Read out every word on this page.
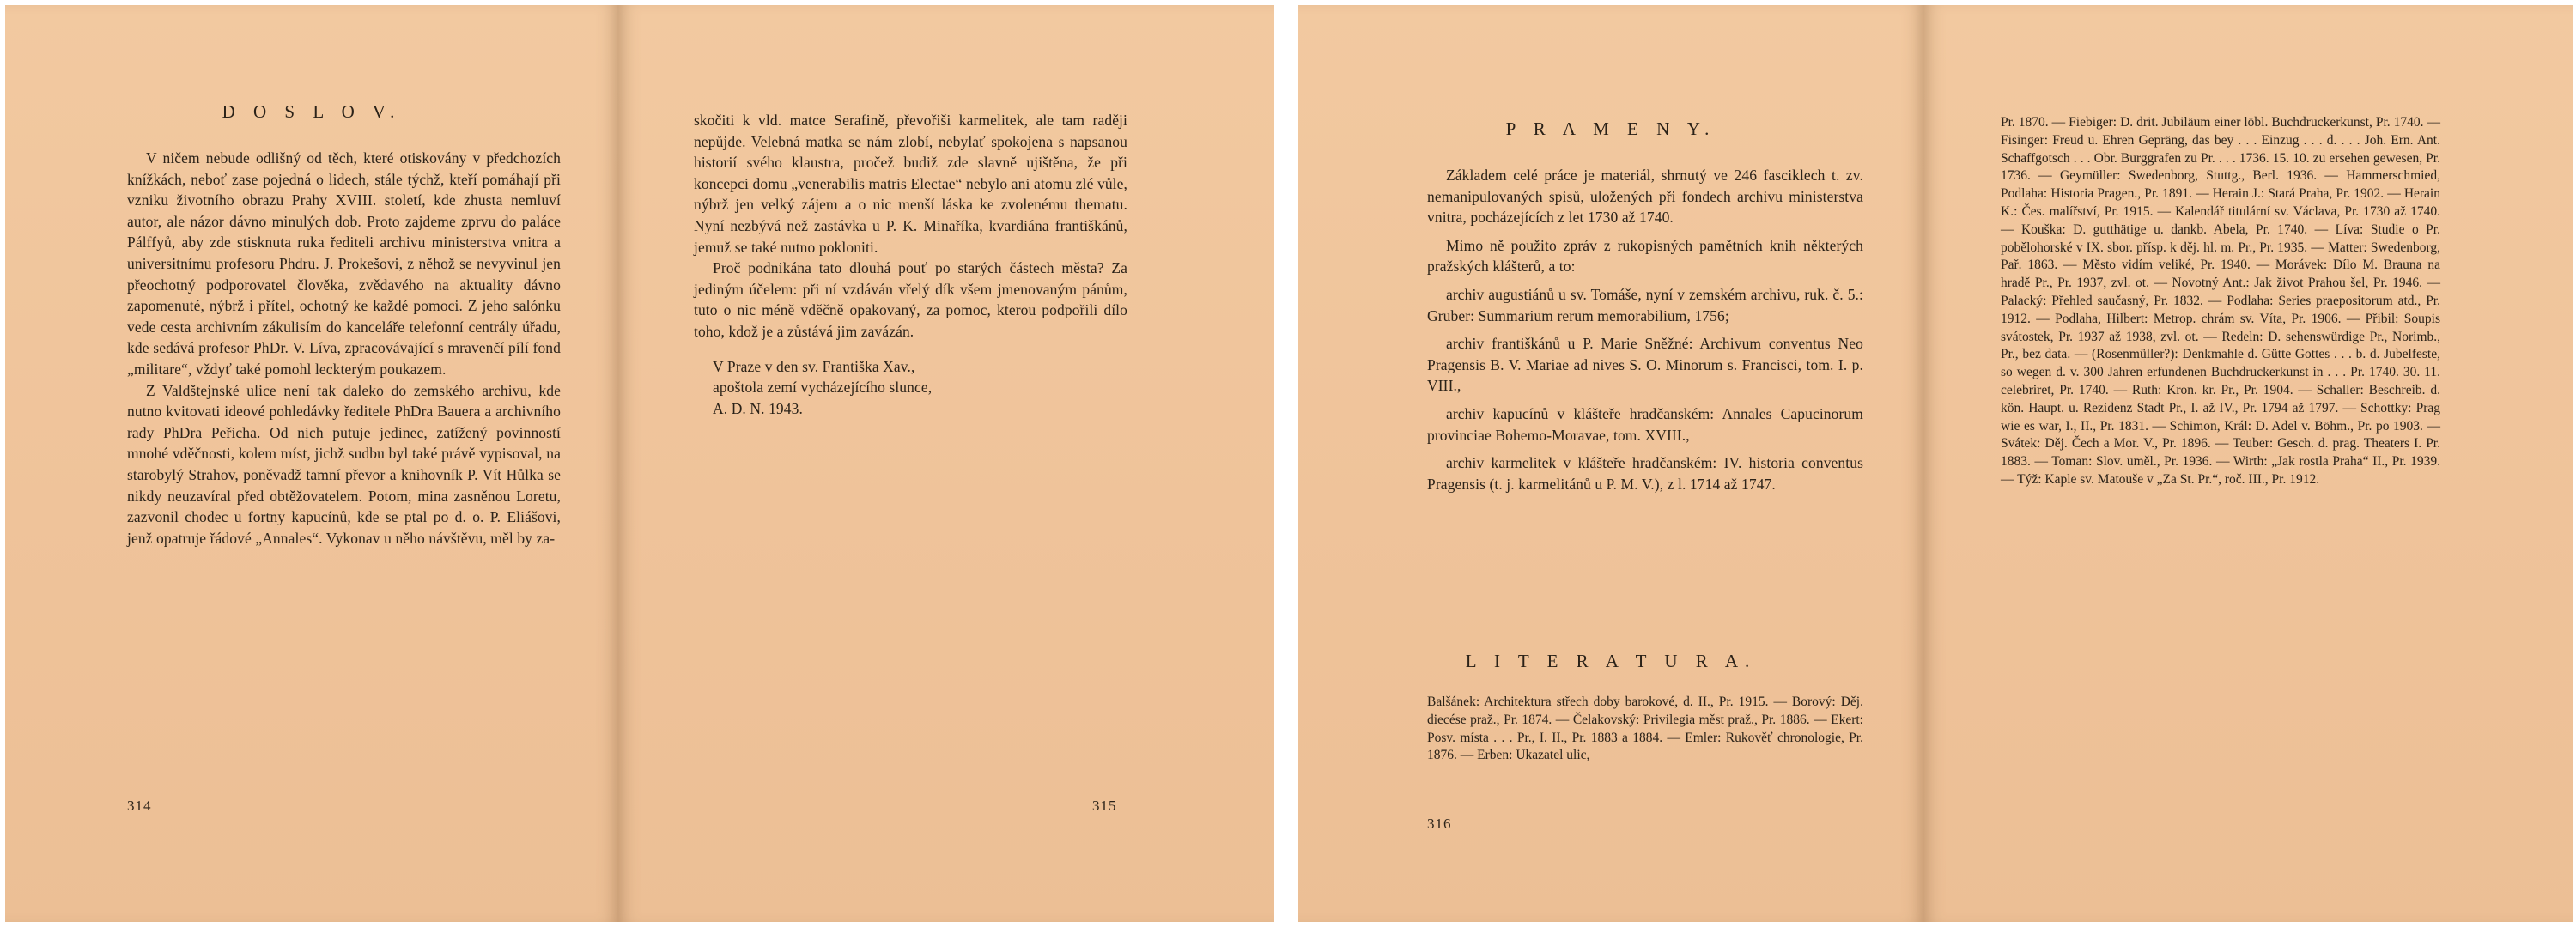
D O S L O V.

V ničem nebude odlišný od těch, které otiskovány v předchozích knížkách, neboť zase pojedná o lidech, stále týchž, kteří pomáhají při vzniku životního obrazu Prahy XVIII. století, kde zhusta nemluví autor, ale názor dávno minulých dob. Proto zajdeme zprvu do paláce Pálffyů, aby zde stisknuta ruka řediteli archivu ministerstva vnitra a universitnímu profesoru Phdru. J. Prokešovi, z něhož se nevyvinul jen přeochotný podporovatel člověka, zvědavého na aktuality dávno zapomenuté, nýbrž i přítel, ochotný ke každé pomoci. Z jeho salónku vede cesta archivním zákulisím do kanceláře telefonní centrály úřadu, kde sedává profesor PhDr. V. Líva, zpracovávající s mravenčí pílí fond „militare“, vždyť také pomohl leckterým poukazem.

Z Valdštejnské ulice není tak daleko do zemského archivu, kde nutno kvitovati ideové pohledávky ředitele PhDra Bauera a archivního rady PhDra Peřicha. Od nich putuje jedinec, zatížený povinností mnohé vděčnosti, kolem míst, jichž sudbu byl také právě vypisoval, na starobylý Strahov, poněvadž tamní převor a knihovník P. Vít Hůlka se nikdy neuzavíral před obtěžovatelem. Potom, mina zasněnou Loretu, zazvonil chodec u fortny kapucínů, kde se ptal po d. o. P. Eliášovi, jenž opatruje řádové „Annales“. Vykonav u něho návštěvu, měl by za-

314

skočiti k vld. matce Serafině, převořiši karmelitek, ale tam raději nepůjde. Velebná matka se nám zlobí, nebylať spokojena s napsanou historií svého klaustra, pročež budiž zde slavně ujištěna, že při koncepci domu „venerabilis matris Electae“ nebylo ani atomu zlé vůle, nýbrž jen velký zájem a o nic menší láska ke zvolenému thematu. Nyní nezbývá než zastávka u P. K. Minaříka, kvardiána františkánů, jemuž se také nutno pokloniti.

Proč podnikána tato dlouhá pouť po starých částech města? Za jediným účelem: při ní vzdáván vřelý dík všem jmenovaným pánům, tuto o nic méně vděčně opakovaný, za pomoc, kterou podpořili dílo toho, kdož je a zůstává jim zavázán.

V Praze v den sv. Františka Xav.,

apoštola zemí vycházejícího slunce,

A. D. N. 1943.

315
P R A M E N Y.

Základem celé práce je materiál, shrnutý ve 246 fasciklech t. zv. nemanipulovaných spisů, uložených při fondech archivu ministerstva vnitra, pocházejících z let 1730 až 1740.

Mimo ně použito zpráv z rukopisných pamětních knih některých pražských klášterů, a to:

archiv augustiánů u sv. Tomáše, nyní v zemském archivu, ruk. č. 5.: Gruber: Summarium rerum memorabilium, 1756;

archiv františkánů u P. Marie Sněžné: Archivum conventus Neo Pragensis B. V. Mariae ad nives S. O. Minorum s. Francisci, tom. I. p. VIII.,

archiv kapucínů v klášteře hradčanském: Annales Capucinorum provinciae Bohemo-Moravae, tom. XVIII.,

archiv karmelitek v klášteře hradčanském: IV. historia conventus Pragensis (t. j. karmelitánů u P. M. V.), z l. 1714 až 1747.

L I T E R A T U R A.

Balšánek: Architektura střech doby barokové, d. II., Pr. 1915. — Borový: Děj. diecése praž., Pr. 1874. — Čelakovský: Privilegia měst praž., Pr. 1886. — Ekert: Posv. místa . . . Pr., I. II., Pr. 1883 a 1884. — Emler: Rukověť chronologie, Pr. 1876. — Erben: Ukazatel ulic,

316

Pr. 1870. — Fiebiger: D. drit. Jubiläum einer löbl. Buchdruckerkunst, Pr. 1740. — Fisinger: Freud u. Ehren Gepräng, das bey . . . Einzug . . . d. . . . Joh. Ern. Ant. Schaffgotsch . . . Obr. Burggrafen zu Pr. . . . 1736. 15. 10. zu ersehen gewesen, Pr. 1736. — Geymüller: Swedenborg, Stuttg., Berl. 1936. — Hammerschmied, Podlaha: Historia Pragen., Pr. 1891. — Herain J.: Stará Praha, Pr. 1902. — Herain K.: Čes. malířství, Pr. 1915. — Kalendář titulární sv. Václava, Pr. 1730 až 1740. — Kouška: D. gutthätige u. dankb. Abela, Pr. 1740. — Líva: Studie o Pr. pobělohorské v IX. sbor. přísp. k děj. hl. m. Pr., Pr. 1935. — Matter: Swedenborg, Pař. 1863. — Město vidím veliké, Pr. 1940. — Morávek: Dílo M. Brauna na hradě Pr., Pr. 1937, zvl. ot. — Novotný Ant.: Jak život Prahou šel, Pr. 1946. — Palacký: Přehled saučasný, Pr. 1832. — Podlaha: Series praepositorum atd., Pr. 1912. — Podlaha, Hilbert: Metrop. chrám sv. Víta, Pr. 1906. — Přibil: Soupis svátostek, Pr. 1937 až 1938, zvl. ot. — Redeln: D. sehenswürdige Pr., Norimb., Pr., bez data. — (Rosenmüller?): Denkmahle d. Gütte Gottes . . . b. d. Jubelfeste, so wegen d. v. 300 Jahren erfundenen Buchdruckerkunst in . . . Pr. 1740. 30. 11. celebriret, Pr. 1740. — Ruth: Kron. kr. Pr., Pr. 1904. — Schaller: Beschreib. d. kön. Haupt. u. Rezidenz Stadt Pr., I. až IV., Pr. 1794 až 1797. — Schottky: Prag wie es war, I., II., Pr. 1831. — Schimon, Král: D. Adel v. Böhm., Pr. po 1903. — Svátek: Děj. Čech a Mor. V., Pr. 1896. — Teuber: Gesch. d. prag. Theaters I. Pr. 1883. — Toman: Slov. uměl., Pr. 1936. — Wirth: „Jak rostla Praha“ II., Pr. 1939. — Týž: Kaple sv. Matouše v „Za St. Pr.“, roč. III., Pr. 1912.
